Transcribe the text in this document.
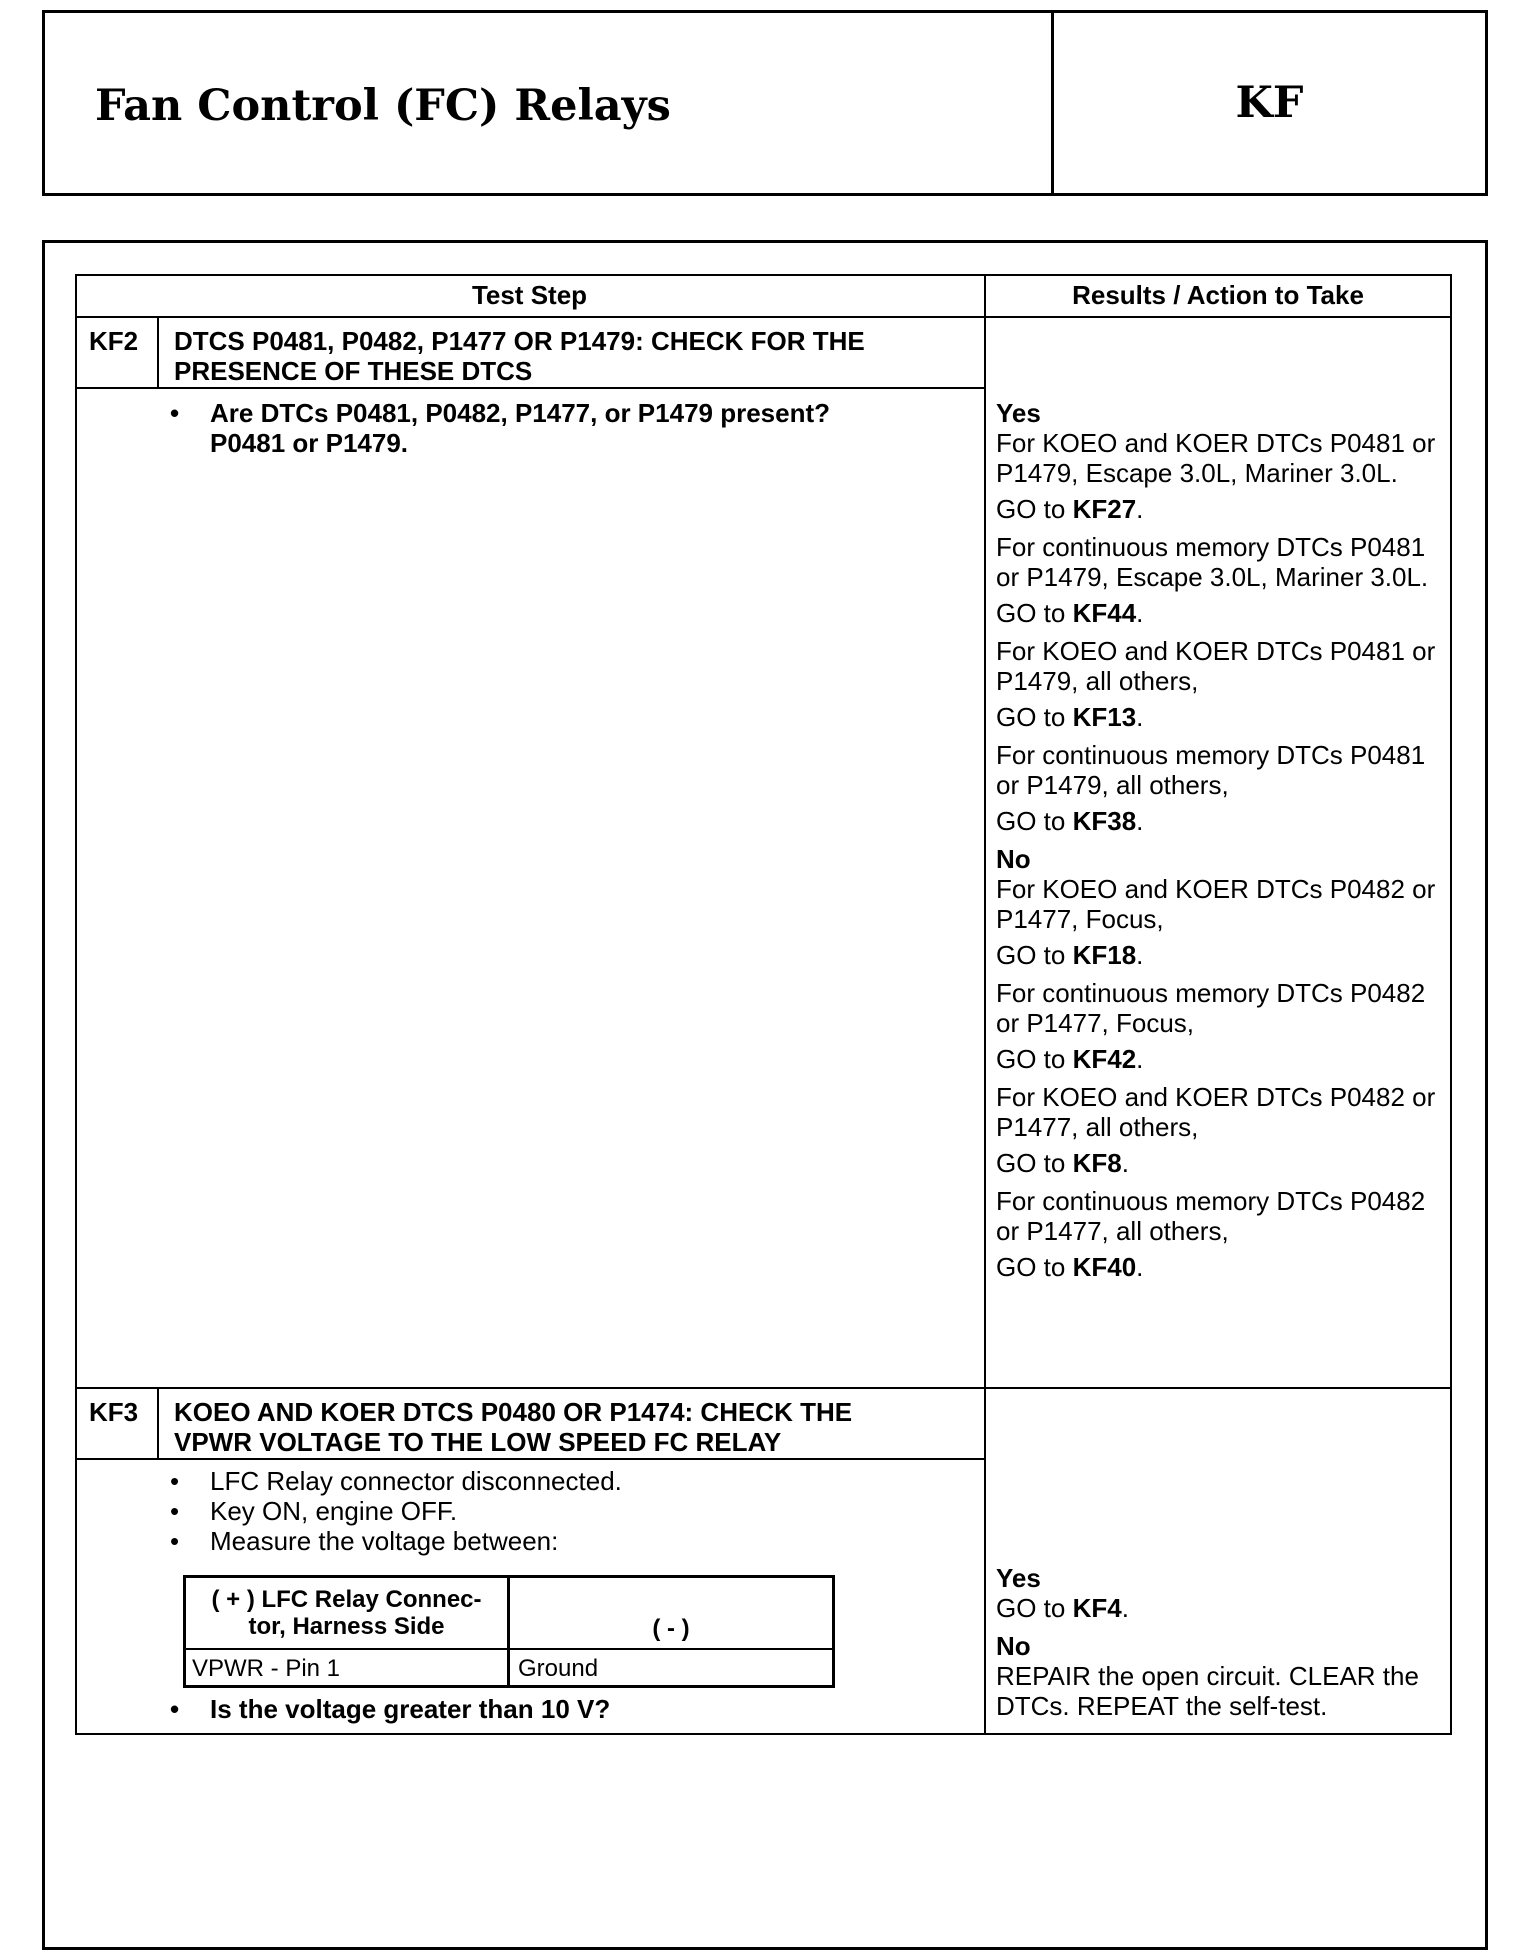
Fan Control (FC) Relays	KF
Test Step	Results / Action to Take
KF2 DTCS P0481, P0482, P1477 OR P1479: CHECK FOR THE
PRESENCE OF THESE DTCS
• Are DTCs P0481, P0482, P1477, or P1479 present?
P0481 or P1479.
Yes
For KOEO and KOER DTCs P0481 or P1479, Escape 3.0L, Mariner 3.0L.
GO to KF27.
For continuous memory DTCs P0481 or P1479, Escape 3.0L, Mariner 3.0L.
GO to KF44.
For KOEO and KOER DTCs P0481 or P1479, all others,
GO to KF13.
For continuous memory DTCs P0481 or P1479, all others,
GO to KF38.
No
For KOEO and KOER DTCs P0482 or P1477, Focus,
GO to KF18.
For continuous memory DTCs P0482 or P1477, Focus,
GO to KF42.
For KOEO and KOER DTCs P0482 or P1477, all others,
GO to KF8.
For continuous memory DTCs P0482 or P1477, all others,
GO to KF40.
KF3 KOEO AND KOER DTCS P0480 OR P1474: CHECK THE
VPWR VOLTAGE TO THE LOW SPEED FC RELAY
• LFC Relay connector disconnected.
• Key ON, engine OFF.
• Measure the voltage between:
( + ) LFC Relay Connec-
tor, Harness Side	( - )
VPWR - Pin 1	Ground
• Is the voltage greater than 10 V?
Yes
GO to KF4.
No
REPAIR the open circuit. CLEAR the DTCs. REPEAT the self-test.
